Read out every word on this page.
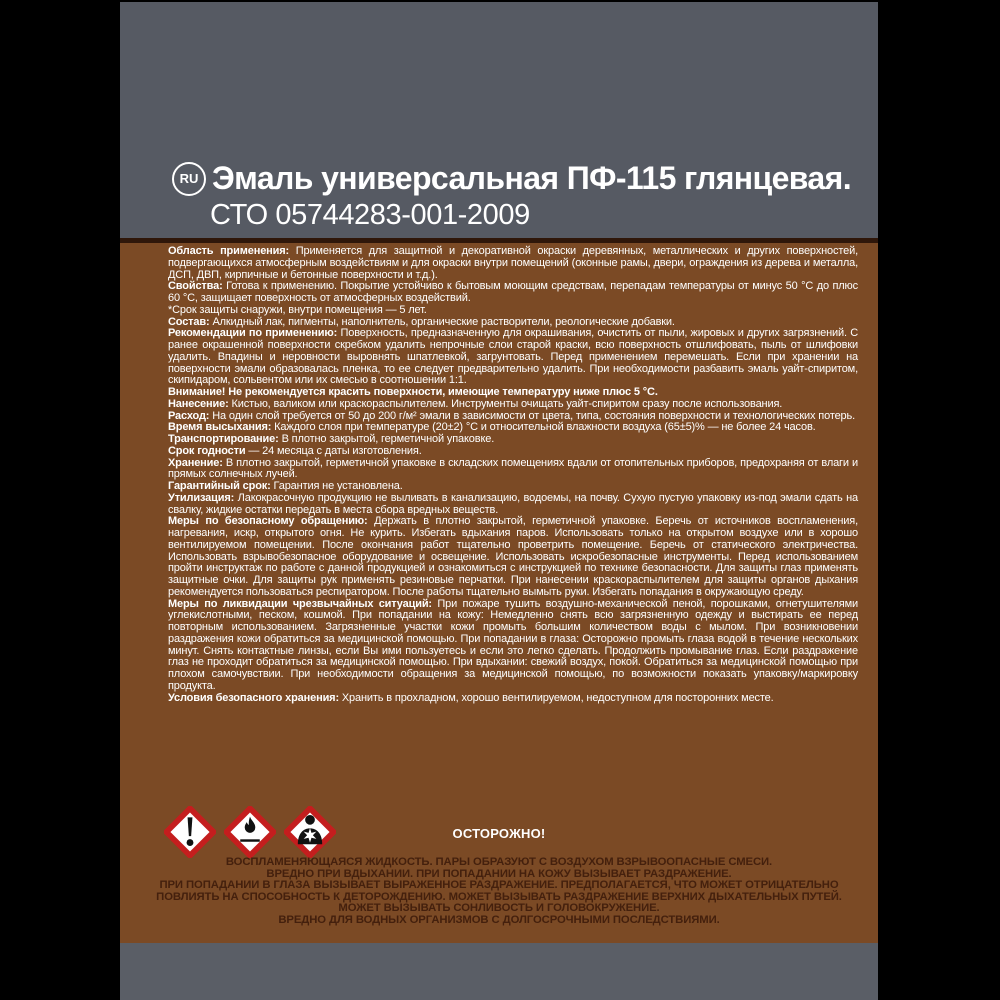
RU Эмаль универсальная ПФ-115 глянцевая.
СТО 05744283-001-2009

Область применения: Применяется для защитной и декоративной окраски деревянных, металлических и других поверхностей, подвергающихся атмосферным воздействиям и для окраски внутри помещений (оконные рамы, двери, ограждения из дерева и металла, ДСП, ДВП, кирпичные и бетонные поверхности и т.д.).

Свойства: Готова к применению. Покрытие устойчиво к бытовым моющим средствам, перепадам температуры от минус 50 °С до плюс 60 °С, защищает поверхность от атмосферных воздействий.

*Срок защиты снаружи, внутри помещения — 5 лет.

Состав: Алкидный лак, пигменты, наполнитель, органические растворители, реологические добавки.

Рекомендации по применению: Поверхность, предназначенную для окрашивания, очистить от пыли, жировых и других загрязнений. С ранее окрашенной поверхности скребком удалить непрочные слои старой краски, всю поверхность отшлифовать, пыль от шлифовки удалить. Впадины и неровности выровнять шпатлевкой, загрунтовать. Перед применением перемешать. Если при хранении на поверхности эмали образовалась пленка, то ее следует предварительно удалить. При необходимости разбавить эмаль уайт-спиритом, скипидаром, сольвентом или их смесью в соотношении 1:1.

Внимание! Не рекомендуется красить поверхности, имеющие температуру ниже плюс 5 °С.

Нанесение: Кистью, валиком или краскораспылителем. Инструменты очищать уайт-спиритом сразу после использования.

Расход: На один слой требуется от 50 до 200 г/м² эмали в зависимости от цвета, типа, состояния поверхности и технологических потерь.

Время высыхания: Каждого слоя при температуре (20±2) °С и относительной влажности воздуха (65±5)% — не более 24 часов.

Транспортирование: В плотно закрытой, герметичной упаковке.

Срок годности — 24 месяца с даты изготовления.

Хранение: В плотно закрытой, герметичной упаковке в складских помещениях вдали от отопительных приборов, предохраняя от влаги и прямых солнечных лучей.

Гарантийный срок: Гарантия не установлена.

Утилизация: Лакокрасочную продукцию не выливать в канализацию, водоемы, на почву. Сухую пустую упаковку из-под эмали сдать на свалку, жидкие остатки передать в места сбора вредных веществ.

Меры по безопасному обращению: Держать в плотно закрытой, герметичной упаковке. Беречь от источников воспламенения, нагревания, искр, открытого огня. Не курить. Избегать вдыхания паров. Использовать только на открытом воздухе или в хорошо вентилируемом помещении. После окончания работ тщательно проветрить помещение. Беречь от статического электричества. Использовать взрывобезопасное оборудование и освещение. Использовать искробезопасные инструменты. Перед использованием пройти инструктаж по работе с данной продукцией и ознакомиться с инструкцией по технике безопасности. Для защиты глаз применять защитные очки. Для защиты рук применять резиновые перчатки. При нанесении краскораспылителем для защиты органов дыхания рекомендуется пользоваться респиратором. После работы тщательно вымыть руки. Избегать попадания в окружающую среду.

Меры по ликвидации чрезвычайных ситуаций: При пожаре тушить воздушно-механической пеной, порошками, огнетушителями углекислотными, песком, кошмой. При попадании на кожу: Немедленно снять всю загрязненную одежду и выстирать ее перед повторным использованием. Загрязненные участки кожи промыть большим количеством воды с мылом. При возникновении раздражения кожи обратиться за медицинской помощью. При попадании в глаза: Осторожно промыть глаза водой в течение нескольких минут. Снять контактные линзы, если Вы ими пользуетесь и если это легко сделать. Продолжить промывание глаз. Если раздражение глаз не проходит обратиться за медицинской помощью. При вдыхании: свежий воздух, покой. Обратиться за медицинской помощью при плохом самочувствии. При необходимости обращения за медицинской помощью, по возможности показать упаковку/маркировку продукта.

Условия безопасного хранения: Хранить в прохладном, хорошо вентилируемом, недоступном для посторонних месте.

ОСТОРОЖНО!
ВОСПЛАМЕНЯЮЩАЯСЯ ЖИДКОСТЬ. ПАРЫ ОБРАЗУЮТ С ВОЗДУХОМ ВЗРЫВООПАСНЫЕ СМЕСИ.
ВРЕДНО ПРИ ВДЫХАНИИ. ПРИ ПОПАДАНИИ НА КОЖУ ВЫЗЫВАЕТ РАЗДРАЖЕНИЕ.
ПРИ ПОПАДАНИИ В ГЛАЗА ВЫЗЫВАЕТ ВЫРАЖЕННОЕ РАЗДРАЖЕНИЕ. ПРЕДПОЛАГАЕТСЯ, ЧТО МОЖЕТ ОТРИЦАТЕЛЬНО
ПОВЛИЯТЬ НА СПОСОБНОСТЬ К ДЕТОРОЖДЕНИЮ. МОЖЕТ ВЫЗЫВАТЬ РАЗДРАЖЕНИЕ ВЕРХНИХ ДЫХАТЕЛЬНЫХ ПУТЕЙ.
МОЖЕТ ВЫЗЫВАТЬ СОНЛИВОСТЬ И ГОЛОВОКРУЖЕНИЕ.
ВРЕДНО ДЛЯ ВОДНЫХ ОРГАНИЗМОВ С ДОЛГОСРОЧНЫМИ ПОСЛЕДСТВИЯМИ.
